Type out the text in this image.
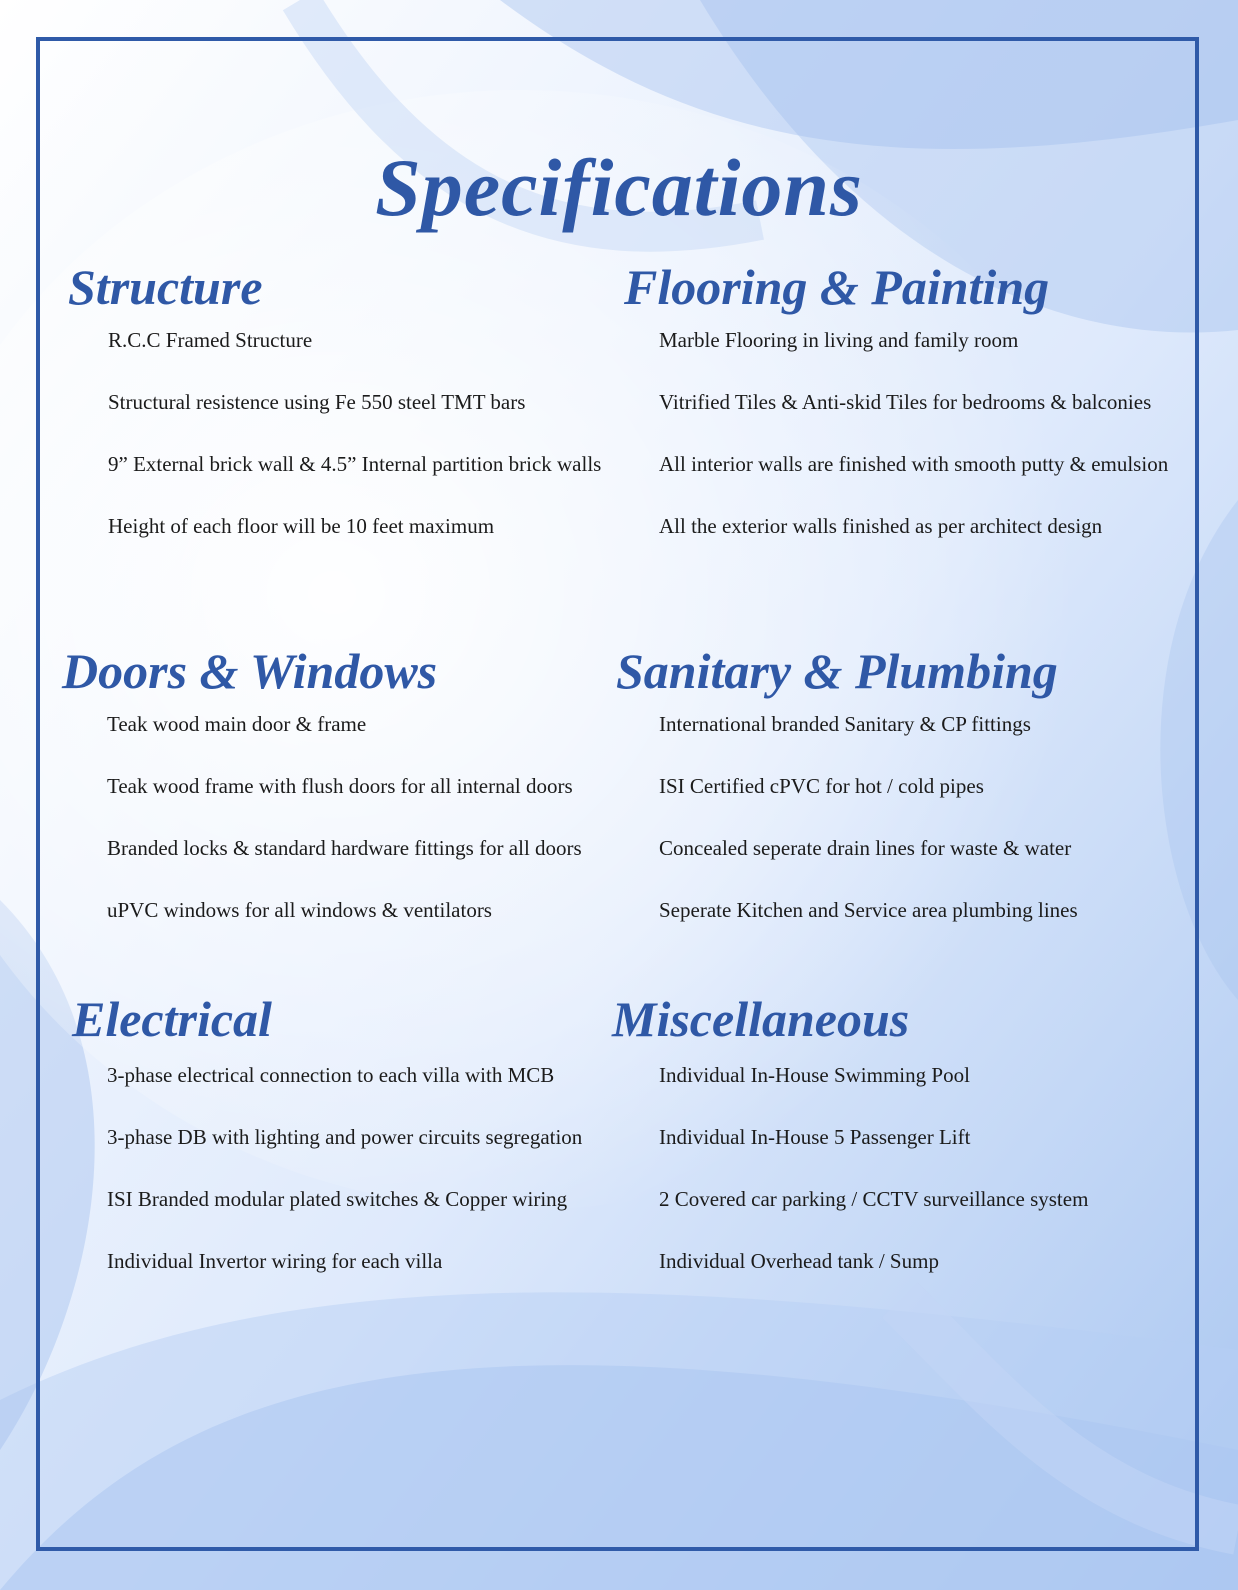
Specifications
Structure
R.C.C Framed Structure
Structural resistence using Fe 550 steel TMT bars
9” External brick wall & 4.5” Internal partition brick walls
Height of each floor will be 10 feet maximum
Flooring & Painting
Marble Flooring in living and family room
Vitrified Tiles & Anti-skid Tiles for bedrooms & balconies
All interior walls are finished with smooth putty & emulsion
All the exterior walls finished as per architect design
Doors & Windows
Teak wood main door & frame
Teak wood frame with flush doors for all internal doors
Branded locks & standard hardware fittings for all doors
uPVC windows for all windows & ventilators
Sanitary & Plumbing
International branded Sanitary & CP fittings
ISI Certified cPVC for hot / cold pipes
Concealed seperate drain lines for waste & water
Seperate Kitchen and Service area plumbing lines
Electrical
3-phase electrical connection to each villa with MCB
3-phase DB with lighting and power circuits segregation
ISI Branded modular plated switches & Copper wiring
Individual Invertor wiring for each villa
Miscellaneous
Individual In-House Swimming Pool
Individual In-House 5 Passenger Lift
2 Covered car parking / CCTV surveillance system
Individual Overhead tank / Sump
